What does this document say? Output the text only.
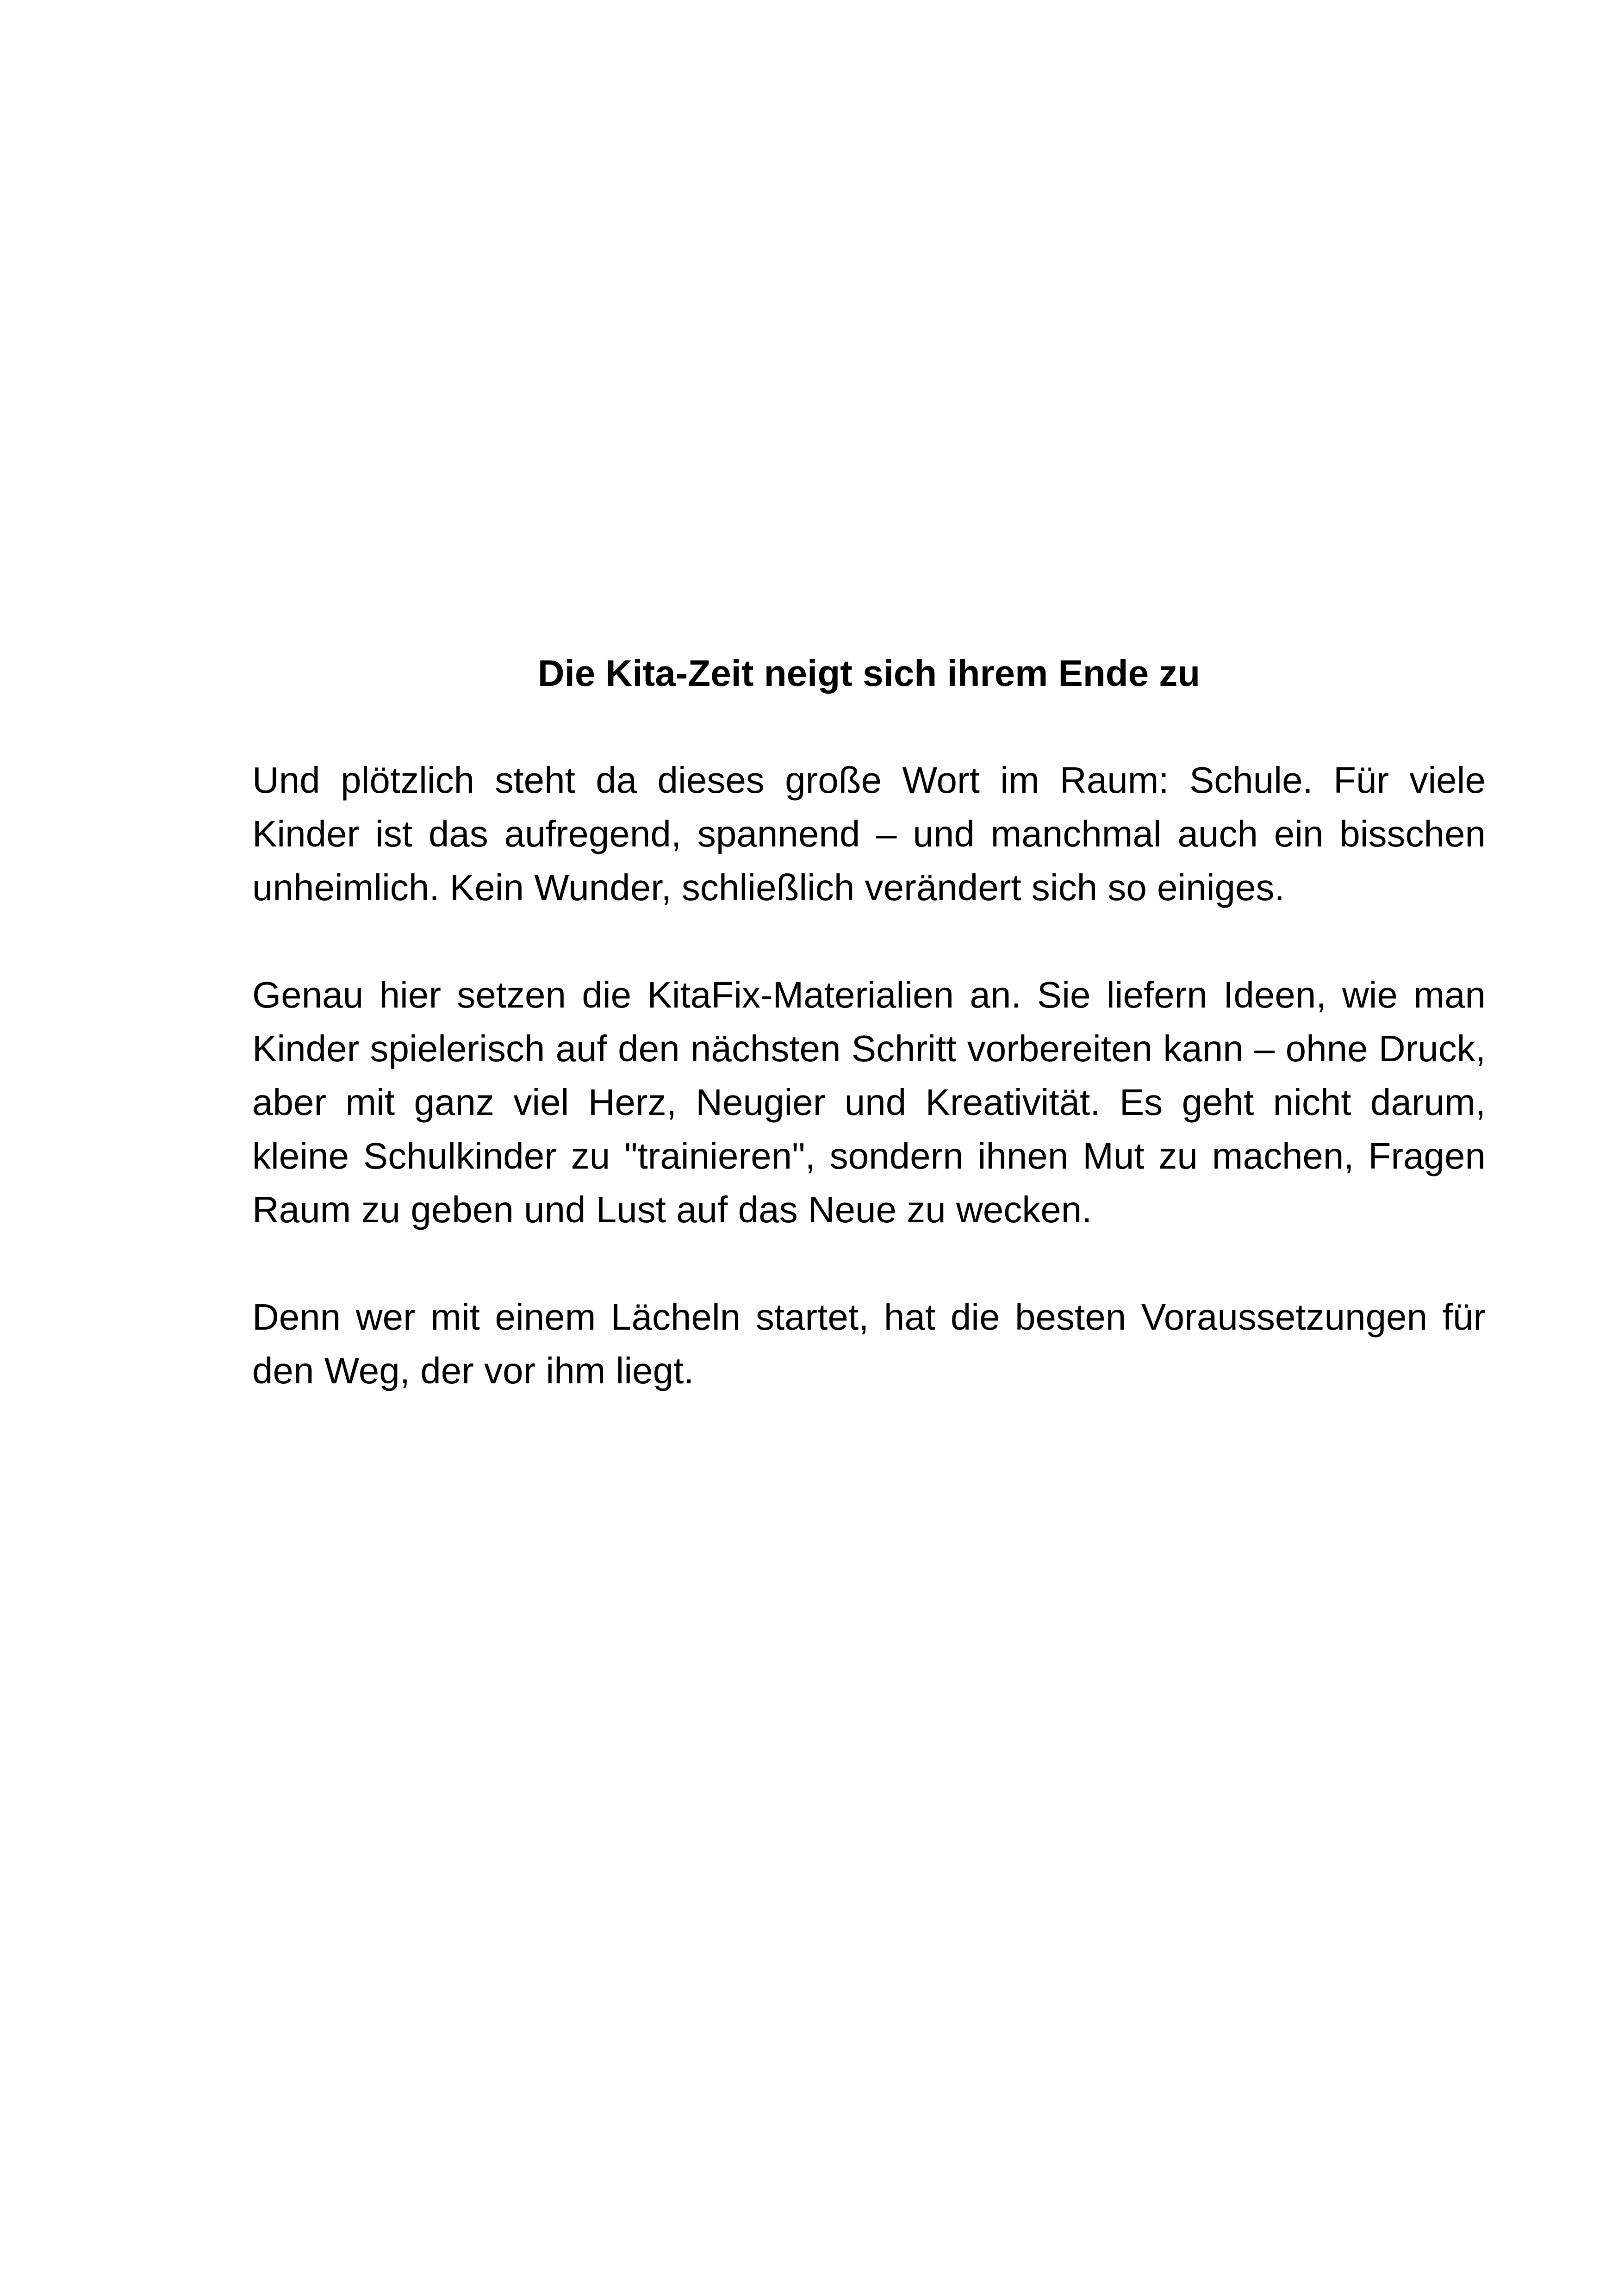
Die Kita-Zeit neigt sich ihrem Ende zu

Und plötzlich steht da dieses große Wort im Raum: Schule. Für viele Kinder ist das aufregend, spannend – und manchmal auch ein bisschen unheimlich. Kein Wunder, schließlich verändert sich so einiges.

Genau hier setzen die KitaFix-Materialien an. Sie liefern Ideen, wie man Kinder spielerisch auf den nächsten Schritt vorbereiten kann – ohne Druck, aber mit ganz viel Herz, Neugier und Kreativität. Es geht nicht darum, kleine Schulkinder zu "trainieren", sondern ihnen Mut zu machen, Fragen Raum zu geben und Lust auf das Neue zu wecken.

Denn wer mit einem Lächeln startet, hat die besten Voraussetzungen für den Weg, der vor ihm liegt.
